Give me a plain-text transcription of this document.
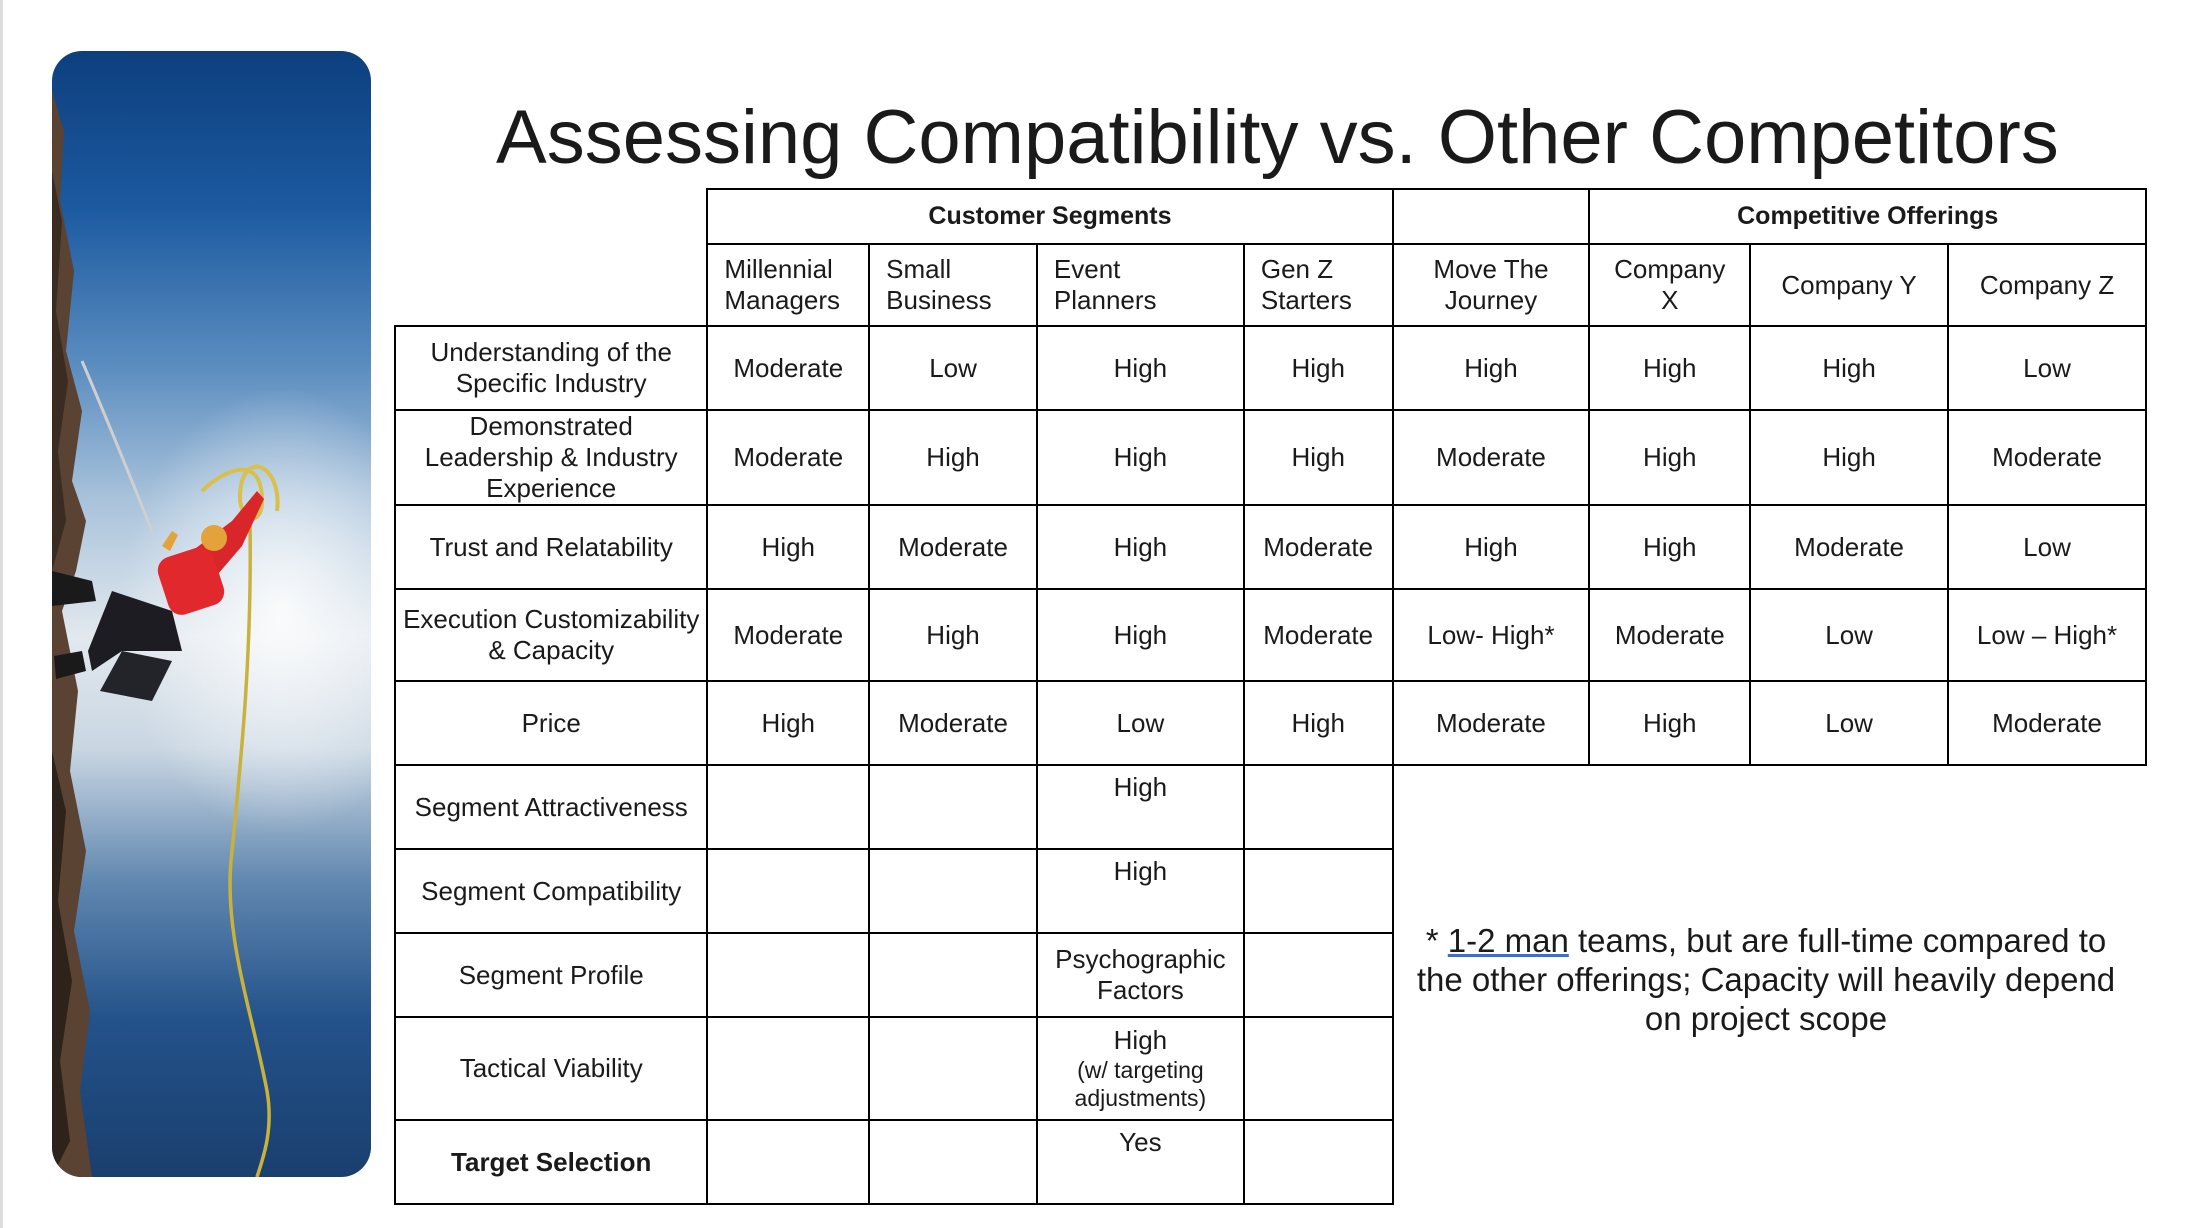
Assessing Compatibility vs. Other Competitors
	Customer Segments					Competitive Offerings		
	Millennial Managers	Small Business	Event Planners	Gen Z Starters	Move The Journey	Company X	Company Y	Company Z
Understanding of the Specific Industry	Moderate	Low	High	High	High	High	High	Low
Demonstrated Leadership & Industry Experience	Moderate	High	High	High	Moderate	High	High	Moderate
Trust and Relatability	High	Moderate	High	Moderate	High	High	Moderate	Low
Execution Customizability & Capacity	Moderate	High	High	Moderate	Low- High*	Moderate	Low	Low – High*
Price	High	Moderate	Low	High	Moderate	High	Low	Moderate
Segment Attractiveness			High					
Segment Compatibility			High					
Segment Profile			Psychographic Factors					
Tactical Viability			High
(w/ targeting adjustments)					

Target Selection			Yes					
* 1-2 man teams, but are full-time compared to the other offerings; Capacity will heavily depend on project scope
